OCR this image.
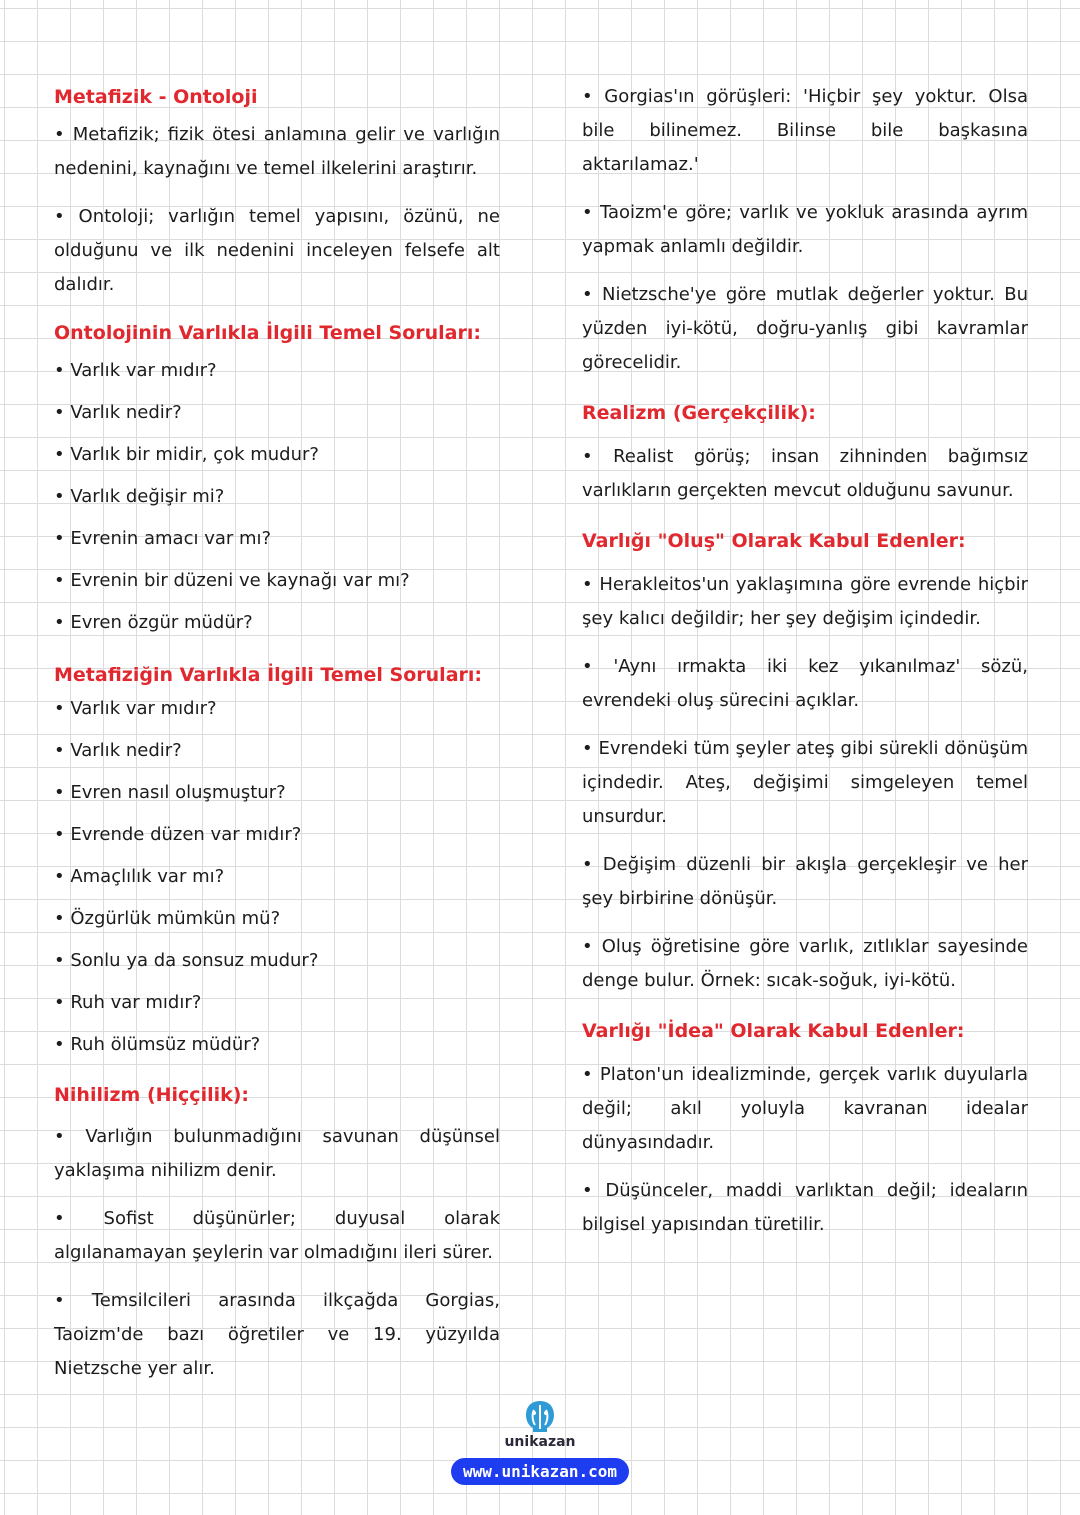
Metafizik - Ontoloji
• Metafizik; fizik ötesi anlamına gelir ve varlığın nedenini, kaynağını ve temel ilkelerini araştırır.
• Ontoloji; varlığın temel yapısını, özünü, ne olduğunu ve ilk nedenini inceleyen felsefe alt dalıdır.
Ontolojinin Varlıkla İlgili Temel Soruları:
• Varlık var mıdır?
• Varlık nedir?
• Varlık bir midir, çok mudur?
• Varlık değişir mi?
• Evrenin amacı var mı?
• Evrenin bir düzeni ve kaynağı var mı?
• Evren özgür müdür?
Metafiziğin Varlıkla İlgili Temel Soruları:
• Varlık var mıdır?
• Varlık nedir?
• Evren nasıl oluşmuştur?
• Evrende düzen var mıdır?
• Amaçlılık var mı?
• Özgürlük mümkün mü?
• Sonlu ya da sonsuz mudur?
• Ruh var mıdır?
• Ruh ölümsüz müdür?
Nihilizm (Hiççilik):
• Varlığın bulunmadığını savunan düşünsel yaklaşıma nihilizm denir.
• Sofist düşünürler; duyusal olarak algılanamayan şeylerin var olmadığını ileri sürer.
• Temsilcileri arasında ilkçağda Gorgias, Taoizm'de bazı öğretiler ve 19. yüzyılda Nietzsche yer alır.
• Gorgias'ın görüşleri: 'Hiçbir şey yoktur. Olsa bile bilinemez. Bilinse bile başkasına aktarılamaz.'
• Taoizm'e göre; varlık ve yokluk arasında ayrım yapmak anlamlı değildir.
• Nietzsche'ye göre mutlak değerler yoktur. Bu yüzden iyi-kötü, doğru-yanlış gibi kavramlar görecelidir.
Realizm (Gerçekçilik):
• Realist görüş; insan zihninden bağımsız varlıkların gerçekten mevcut olduğunu savunur.
Varlığı "Oluş" Olarak Kabul Edenler:
• Herakleitos'un yaklaşımına göre evrende hiçbir şey kalıcı değildir; her şey değişim içindedir.
• 'Aynı ırmakta iki kez yıkanılmaz' sözü, evrendeki oluş sürecini açıklar.
• Evrendeki tüm şeyler ateş gibi sürekli dönüşüm içindedir. Ateş, değişimi simgeleyen temel unsurdur.
• Değişim düzenli bir akışla gerçekleşir ve her şey birbirine dönüşür.
• Oluş öğretisine göre varlık, zıtlıklar sayesinde denge bulur. Örnek: sıcak-soğuk, iyi-kötü.
Varlığı "İdea" Olarak Kabul Edenler:
• Platon'un idealizminde, gerçek varlık duyularla değil; akıl yoluyla kavranan idealar dünyasındadır.
• Düşünceler, maddi varlıktan değil; ideaların bilgisel yapısından türetilir.
unikazan
www.unikazan.com
